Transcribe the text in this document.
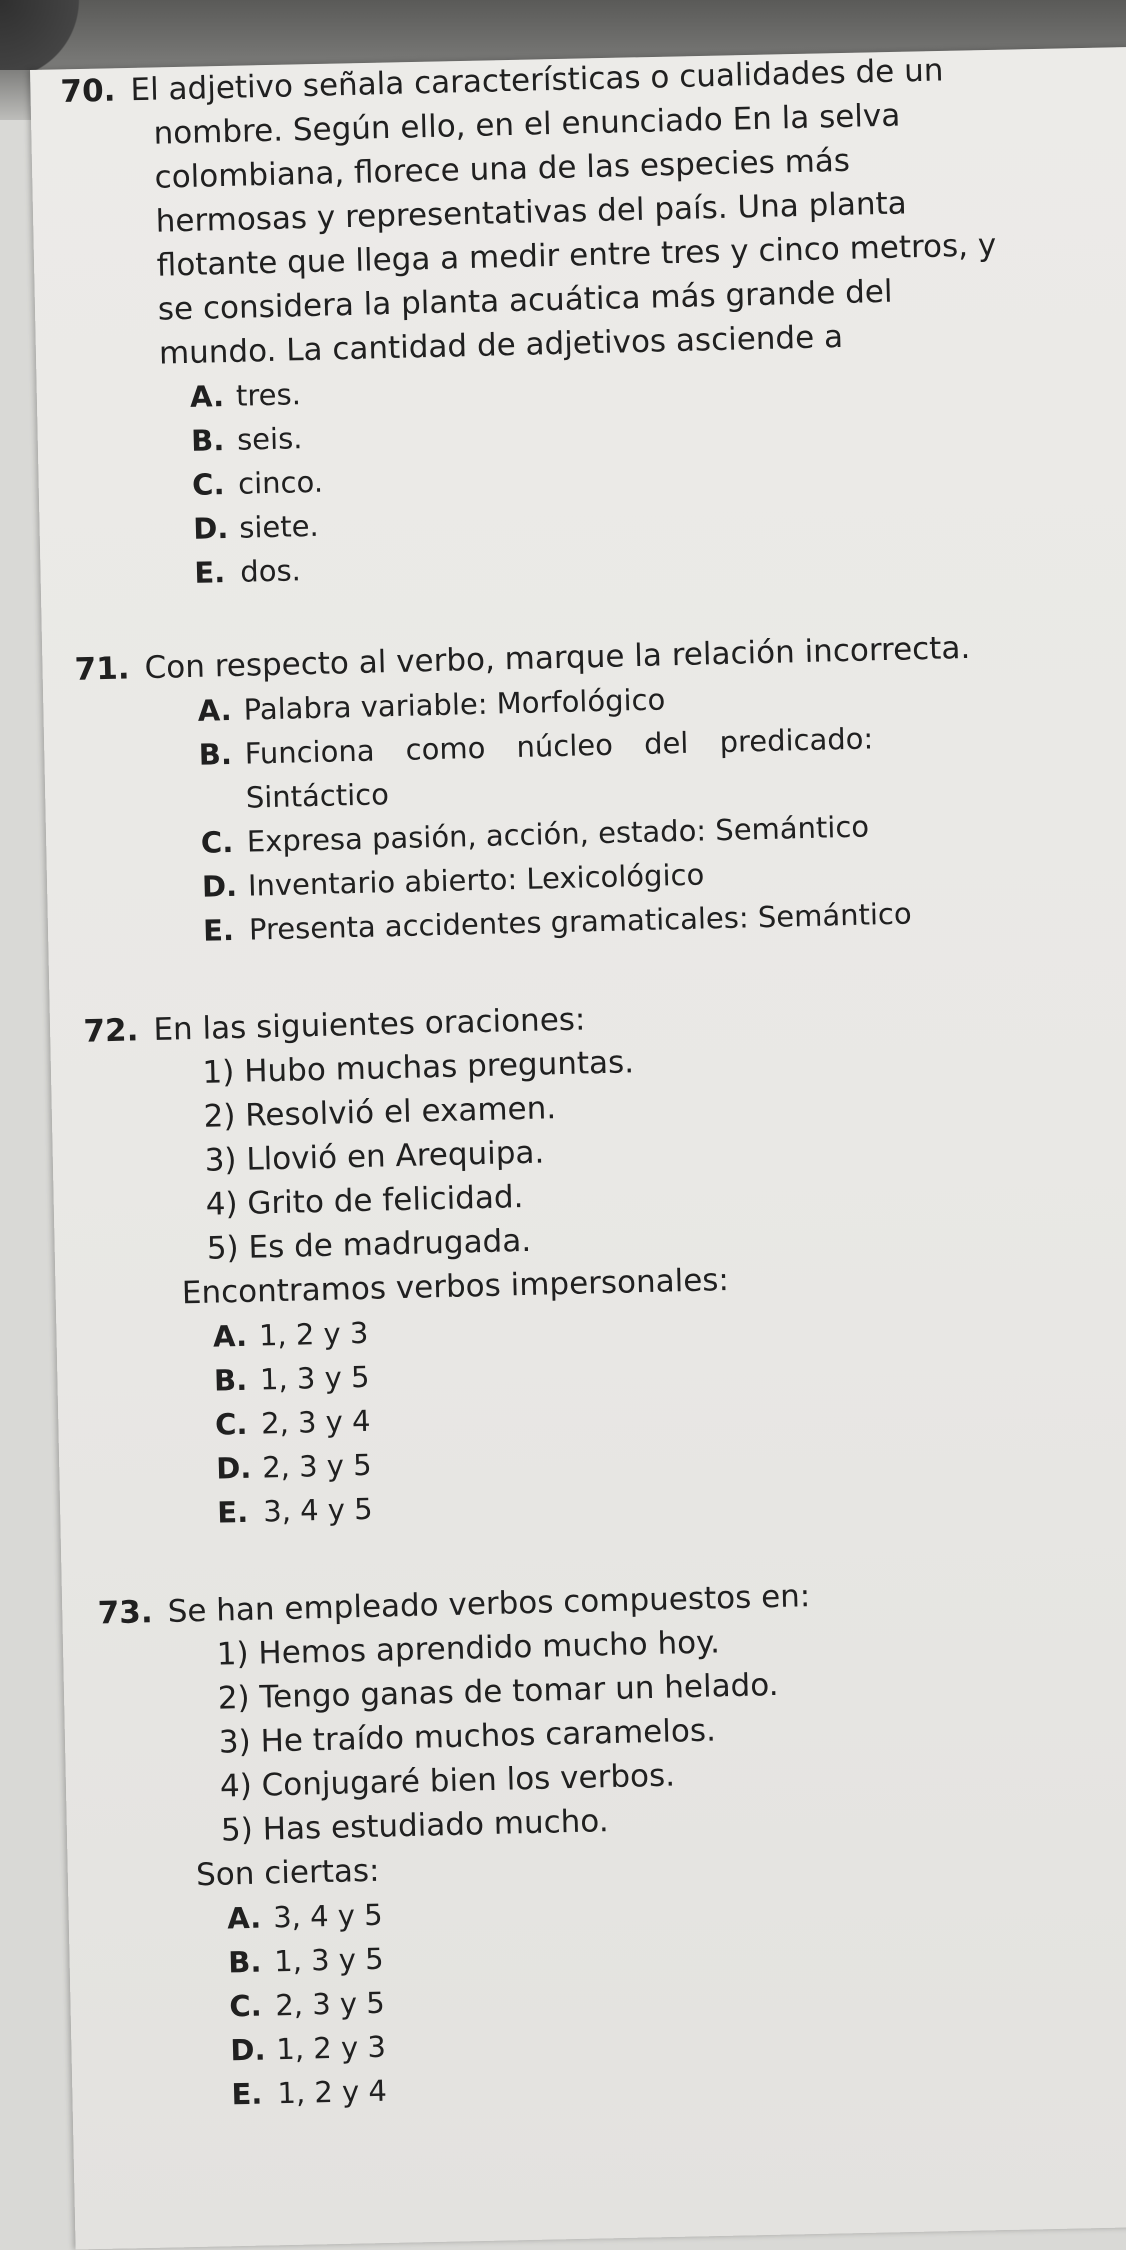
70. El adjetivo señala características o cualidades de un
nombre. Según ello, en el enunciado En la selva
colombiana, florece una de las especies más
hermosas y representativas del país. Una planta
flotante que llega a medir entre tres y cinco metros, y
se considera la planta acuática más grande del
mundo. La cantidad de adjetivos asciende a
A. tres.
B. seis.
C. cinco.
D. siete.
E. dos.
71. Con respecto al verbo, marque la relación incorrecta.
A. Palabra variable: Morfológico
B. Funciona como núcleo del predicado:
Sintáctico
C. Expresa pasión, acción, estado: Semántico
D. Inventario abierto: Lexicológico
E. Presenta accidentes gramaticales: Semántico
72. En las siguientes oraciones:
1) Hubo muchas preguntas.
2) Resolvió el examen.
3) Llovió en Arequipa.
4) Grito de felicidad.
5) Es de madrugada.
Encontramos verbos impersonales:
A. 1, 2 y 3
B. 1, 3 y 5
C. 2, 3 y 4
D. 2, 3 y 5
E. 3, 4 y 5
73. Se han empleado verbos compuestos en:
1) Hemos aprendido mucho hoy.
2) Tengo ganas de tomar un helado.
3) He traído muchos caramelos.
4) Conjugaré bien los verbos.
5) Has estudiado mucho.
Son ciertas:
A. 3, 4 y 5
B. 1, 3 y 5
C. 2, 3 y 5
D. 1, 2 y 3
E. 1, 2 y 4
